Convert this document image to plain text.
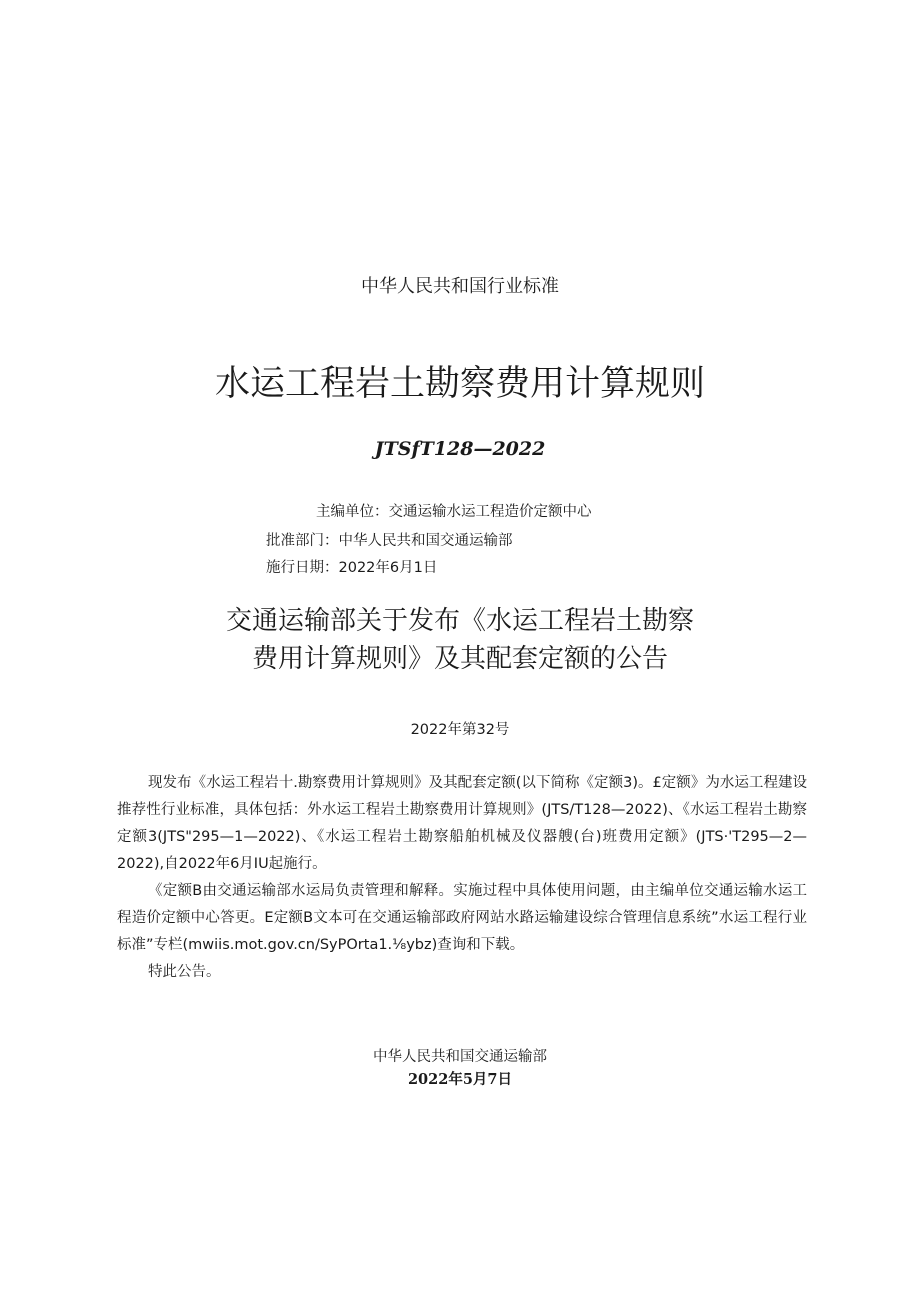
中华人民共和国行业标准
水运工程岩土勘察费用计算规则
JTSfT128—2022
主编单位：交通运输水运工程造价定额中心
批准部门：中华人民共和国交通运输部
施行日期：2022年6月1日
交通运输部关于发布《水运工程岩土勘察
费用计算规则》及其配套定额的公告
2022年第32号
现发布《水运工程岩十.勘察费用计算规则》及其配套定额(以下简称《定额3)。£定额》为水运工程建设推荐性行业标准，具体包括：外水运工程岩土勘察费用计算规则》(JTS/T128—2022)、《水运工程岩土勘察定额3(JTS"295—1—2022)、《水运工程岩土勘察船舶机械及仪器艘(台)班费用定额》(JTS·'T295—2—2022),自2022年6月IU起施行。
《定额B由交通运输部水运局负责管理和解释。实施过程中具体使用问题，由主编单位交通运输水运工程造价定额中心答更。E定额B文本可在交通运输部政府网站水路运输建设综合管理信息系统”水运工程行业标准”专栏(mwiis.mot.gov.cn/SyPOrta1.⅛ybz)查询和下载。
特此公告。
中华人民共和国交通运输部
2022年5月7日
